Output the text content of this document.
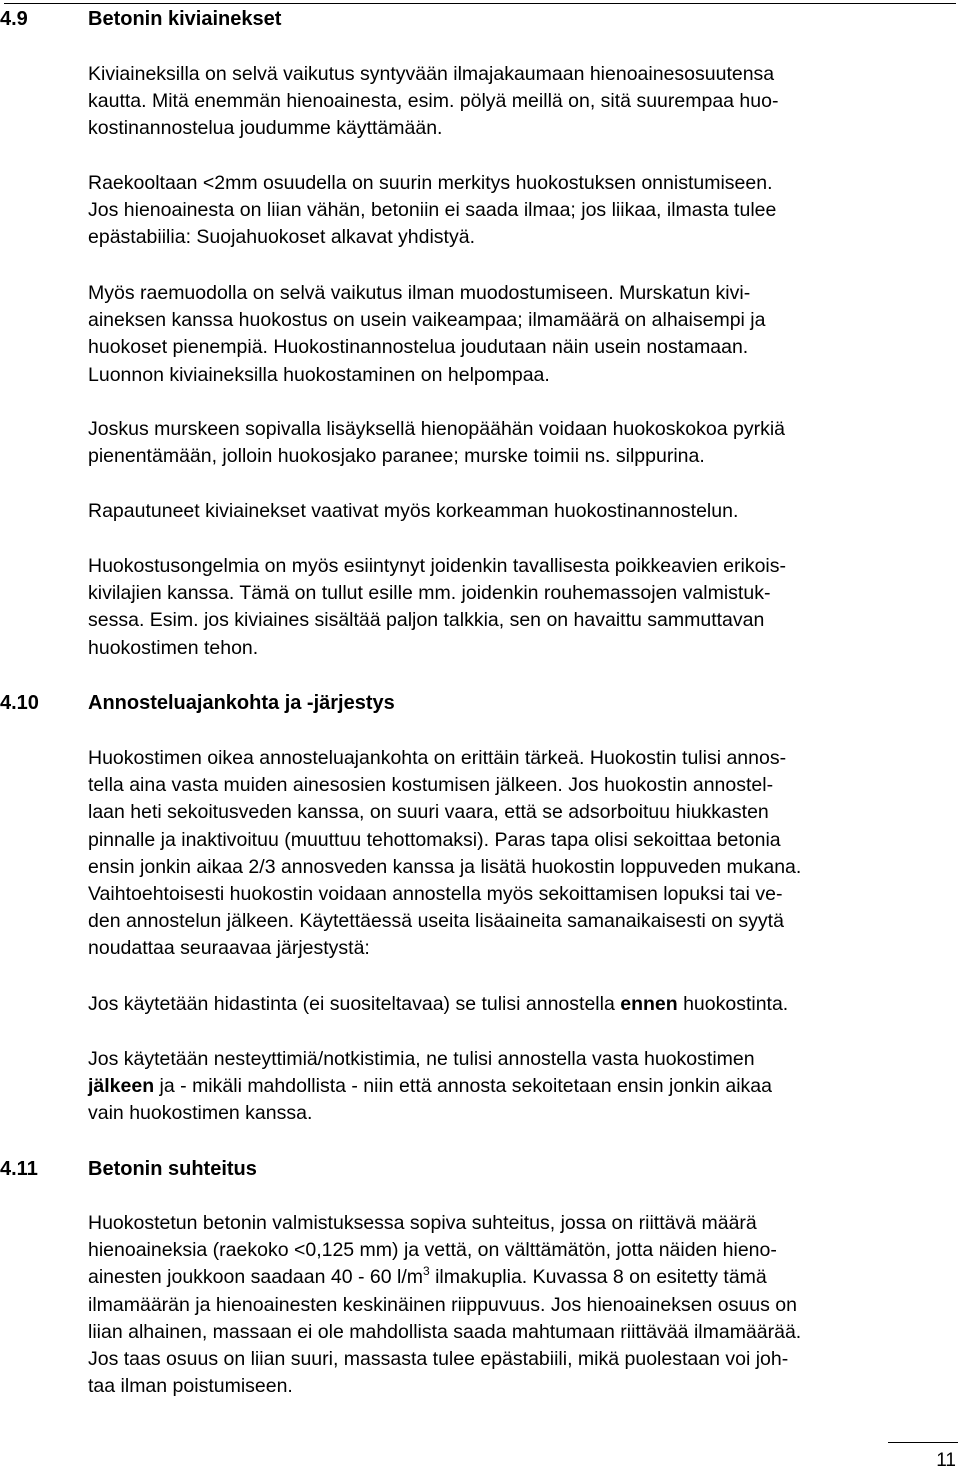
4.9	Betonin kiviainekset
Kiviaineksilla on selvä vaikutus syntyvään ilmajakaumaan hienoainesosuutensa
kautta. Mitä enemmän hienoainesta, esim. pölyä meillä on, sitä suurempaa huo-
kostinannostelua joudumme käyttämään.
Raekooltaan <2mm osuudella on suurin merkitys huokostuksen onnistumiseen.
Jos hienoainesta on liian vähän, betoniin ei saada ilmaa; jos liikaa, ilmasta tulee
epästabiilia: Suojahuokoset alkavat yhdistyä.
Myös raemuodolla on selvä vaikutus ilman muodostumiseen. Murskatun kivi-
aineksen kanssa huokostus on usein vaikeampaa; ilmamäärä on alhaisempi ja
huokoset pienempiä. Huokostinannostelua joudutaan näin usein nostamaan.
Luonnon kiviaineksilla huokostaminen on helpompaa.
Joskus murskeen sopivalla lisäyksellä hienopäähän voidaan huokoskokoa pyrkiä
pienentämään, jolloin huokosjako paranee; murske toimii ns. silppurina.
Rapautuneet kiviainekset vaativat myös korkeamman huokostinannostelun.
Huokostusongelmia on myös esiintynyt joidenkin tavallisesta poikkeavien erikois-
kivilajien kanssa. Tämä on tullut esille mm. joidenkin rouhemassojen valmistuk-
sessa. Esim. jos kiviaines sisältää paljon talkkia, sen on havaittu sammuttavan
huokostimen tehon.
4.10 Annosteluajankohta ja -järjestys
Huokostimen oikea annosteluajankohta on erittäin tärkeä. Huokostin tulisi annos-
tella aina vasta muiden ainesosien kostumisen jälkeen. Jos huokostin annostel-
laan heti sekoitusveden kanssa, on suuri vaara, että se adsorboituu hiukkasten
pinnalle ja inaktivoituu (muuttuu tehottomaksi). Paras tapa olisi sekoittaa betonia
ensin jonkin aikaa 2/3 annosveden kanssa ja lisätä huokostin loppuveden mukana.
Vaihtoehtoisesti huokostin voidaan annostella myös sekoittamisen lopuksi tai ve-
den annostelun jälkeen. Käytettäessä useita lisäaineita samanaikaisesti on syytä
noudattaa seuraavaa järjestystä:
Jos käytetään hidastinta (ei suositeltavaa) se tulisi annostella ennen huokostinta.
Jos käytetään nesteyttimiä/notkistimia, ne tulisi annostella vasta huokostimen
jälkeen ja - mikäli mahdollista - niin että annosta sekoitetaan ensin jonkin aikaa
vain huokostimen kanssa.
4.11	Betonin suhteitus
Huokostetun betonin valmistuksessa sopiva suhteitus, jossa on riittävä määrä
hienoaineksia (raekoko <0,125 mm) ja vettä, on välttämätön, jotta näiden hieno-
ainesten joukkoon saadaan 40 - 60 $l/m^3$ ilmakuplia. Kuvassa 8 on esitetty tämä
ilmamäärän ja hienoainesten keskinäinen riippuvuus. Jos hienoaineksen osuus on
liian alhainen, massaan ei ole mahdollista saada mahtumaan riittävää ilmamäärää.
Jos taas osuus on liian suuri, massasta tulee epästabiili, mikä puolestaan voi joh-
taa ilman poistumiseen.
11
